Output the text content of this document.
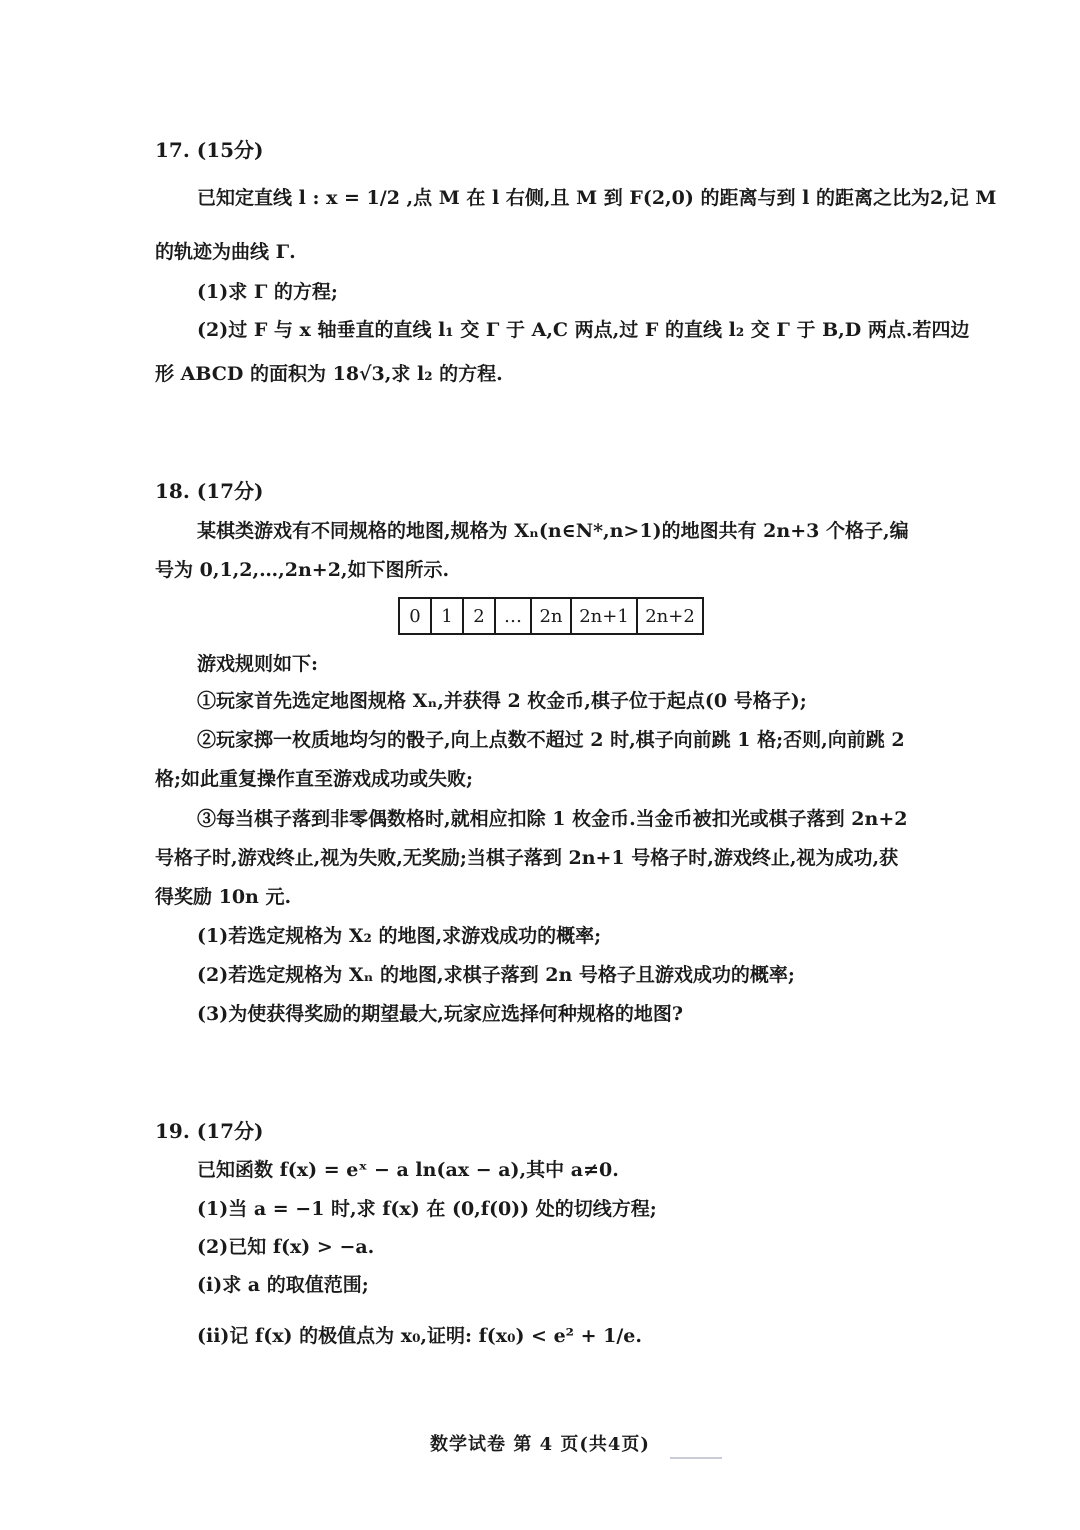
17. (15分)
已知定直线 l : x = 1/2 ,点 M 在 l 右侧,且 M 到 F(2,0) 的距离与到 l 的距离之比为2,记 M
的轨迹为曲线 Γ.
(1)求 Γ 的方程;
(2)过 F 与 x 轴垂直的直线 l₁ 交 Γ 于 A,C 两点,过 F 的直线 l₂ 交 Γ 于 B,D 两点.若四边
形 ABCD 的面积为 18√3,求 l₂ 的方程.
18. (17分)
某棋类游戏有不同规格的地图,规格为 Xₙ(n∈N*,n>1)的地图共有 2n+3 个格子,编
号为 0,1,2,…,2n+2,如下图所示.
0	1	2	…	2n	2n+1	2n+2
游戏规则如下:
①玩家首先选定地图规格 Xₙ,并获得 2 枚金币,棋子位于起点(0 号格子);
②玩家掷一枚质地均匀的骰子,向上点数不超过 2 时,棋子向前跳 1 格;否则,向前跳 2
格;如此重复操作直至游戏成功或失败;
③每当棋子落到非零偶数格时,就相应扣除 1 枚金币.当金币被扣光或棋子落到 2n+2
号格子时,游戏终止,视为失败,无奖励;当棋子落到 2n+1 号格子时,游戏终止,视为成功,获
得奖励 10n 元.
(1)若选定规格为 X₂ 的地图,求游戏成功的概率;
(2)若选定规格为 Xₙ 的地图,求棋子落到 2n 号格子且游戏成功的概率;
(3)为使获得奖励的期望最大,玩家应选择何种规格的地图?
19. (17分)
已知函数 f(x) = eˣ − a ln(ax − a),其中 a≠0.
(1)当 a = −1 时,求 f(x) 在 (0,f(0)) 处的切线方程;
(2)已知 f(x) > −a.
(i)求 a 的取值范围;
(ii)记 f(x) 的极值点为 x₀,证明: f(x₀) < e² + 1/e.
数学试卷 第 4 页(共4页)
